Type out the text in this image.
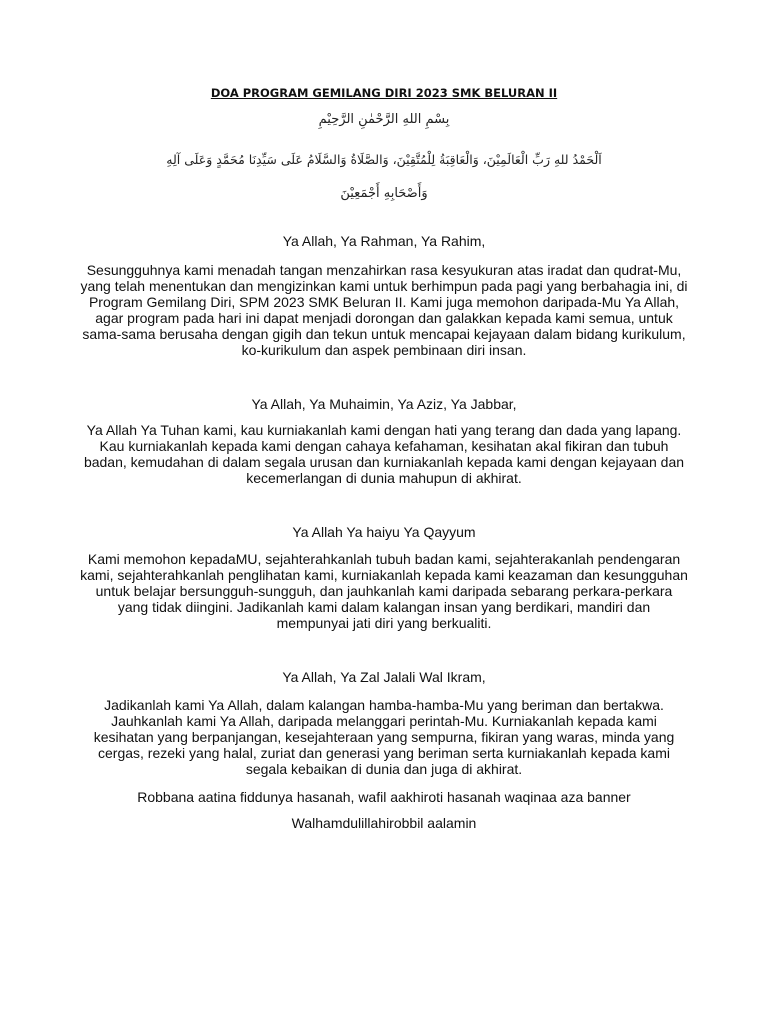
DOA PROGRAM GEMILANG DIRI 2023 SMK BELURAN II
بِسْمِ اللهِ الرَّحْمٰنِ الرَّحِيْمِ
اَلْحَمْدُ للهِ رَبِّ الْعَالَمِيْنَ، وَالْعَاقِبَةُ لِلْمُتَّقِيْنَ، وَالصَّلَاةُ وَالسَّلَامُ عَلَى سَيِّدِنَا مُحَمَّدٍ وَعَلَى آلِهِ
وَأَصْحَابِهِ أَجْمَعِيْنَ
Ya Allah, Ya Rahman, Ya Rahim,
Sesungguhnya kami menadah tangan menzahirkan rasa kesyukuran atas iradat dan qudrat-Mu, yang telah menentukan dan mengizinkan kami untuk berhimpun pada pagi yang berbahagia ini, di Program Gemilang Diri, SPM 2023 SMK Beluran II. Kami juga memohon daripada-Mu Ya Allah, agar program pada hari ini dapat menjadi dorongan dan galakkan kepada kami semua, untuk sama-sama berusaha dengan gigih dan tekun untuk mencapai kejayaan dalam bidang kurikulum, ko-kurikulum dan aspek pembinaan diri insan.
Ya Allah, Ya Muhaimin, Ya Aziz, Ya Jabbar,
Ya Allah Ya Tuhan kami, kau kurniakanlah kami dengan hati yang terang dan dada yang lapang. Kau kurniakanlah kepada kami dengan cahaya kefahaman, kesihatan akal fikiran dan tubuh badan, kemudahan di dalam segala urusan dan kurniakanlah kepada kami dengan kejayaan dan kecemerlangan di dunia mahupun di akhirat.
Ya Allah Ya haiyu Ya Qayyum
Kami memohon kepadaMU, sejahterahkanlah tubuh badan kami, sejahterakanlah pendengaran kami, sejahterahkanlah penglihatan kami, kurniakanlah kepada kami keazaman dan kesungguhan untuk belajar bersungguh-sungguh, dan jauhkanlah kami daripada sebarang perkara-perkara yang tidak diingini. Jadikanlah kami dalam kalangan insan yang berdikari, mandiri dan mempunyai jati diri yang berkualiti.
Ya Allah, Ya Zal Jalali Wal Ikram,
Jadikanlah kami Ya Allah, dalam kalangan hamba-hamba-Mu yang beriman dan bertakwa. Jauhkanlah kami Ya Allah, daripada melanggari perintah-Mu. Kurniakanlah kepada kami kesihatan yang berpanjangan, kesejahteraan yang sempurna, fikiran yang waras, minda yang cergas, rezeki yang halal, zuriat dan generasi yang beriman serta kurniakanlah kepada kami segala kebaikan di dunia dan juga di akhirat.
Robbana aatina fiddunya hasanah, wafil aakhiroti hasanah waqinaa aza banner
Walhamdulillahirobbil aalamin
